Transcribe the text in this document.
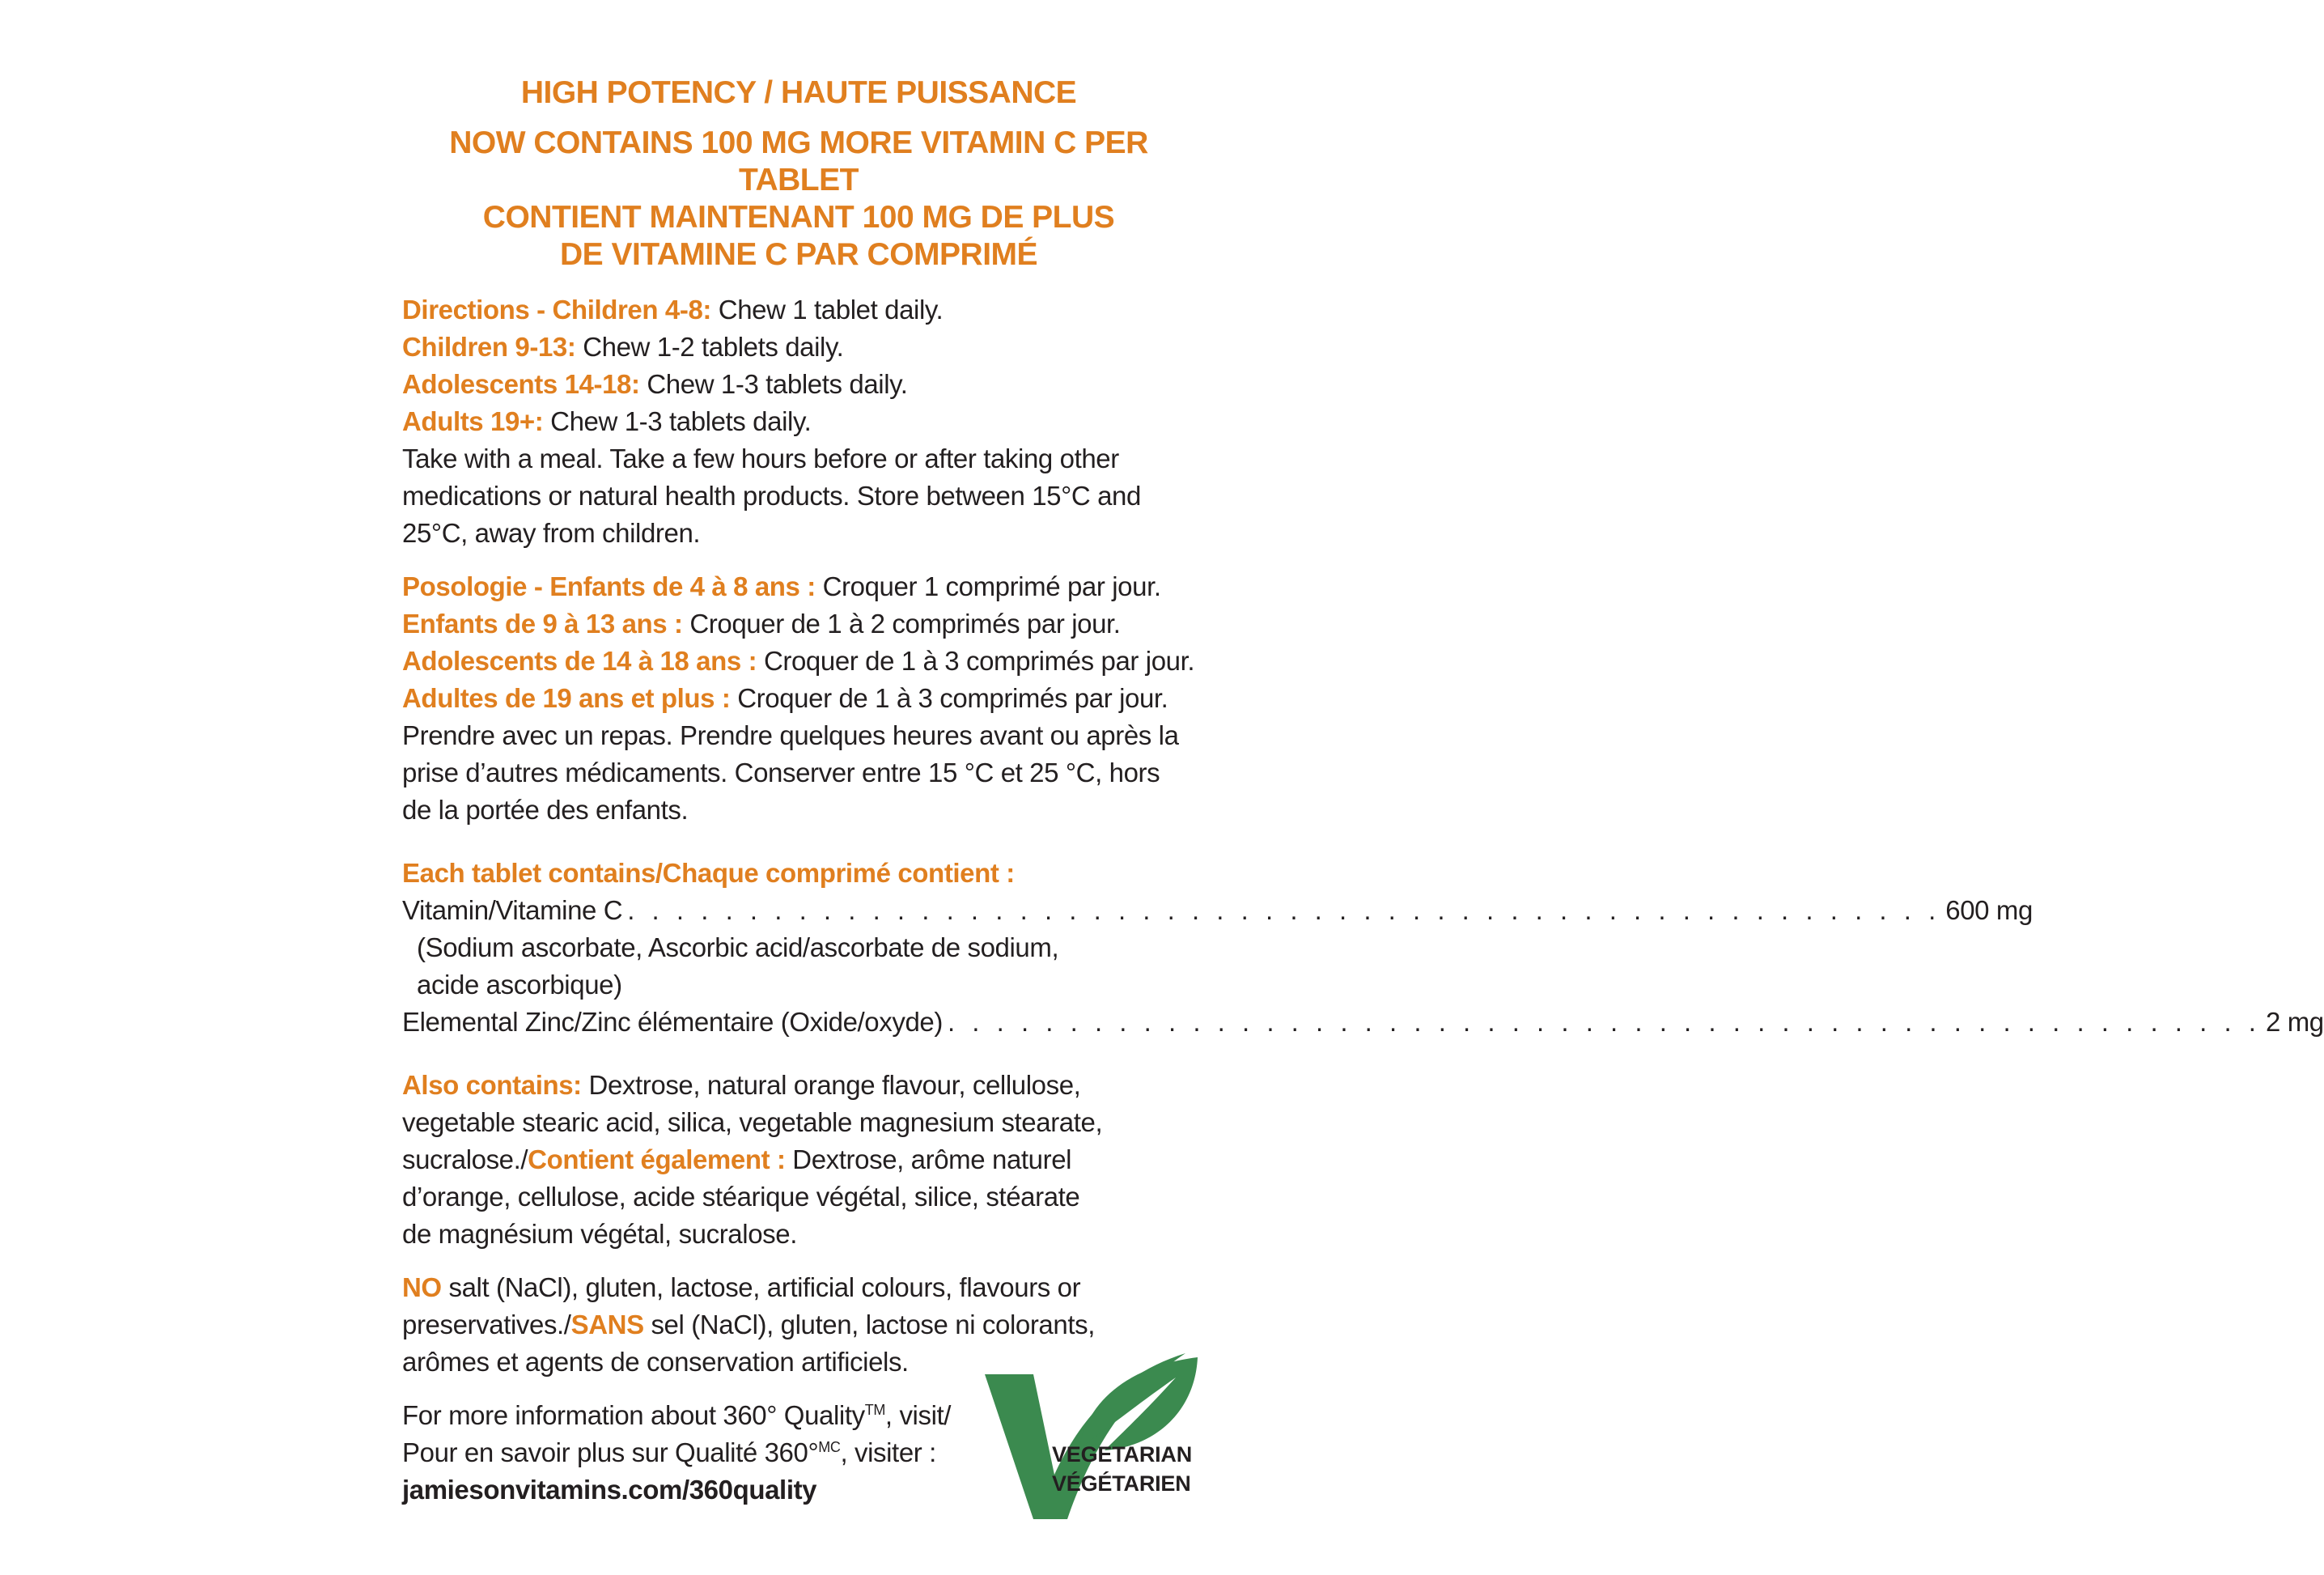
HIGH POTENCY / HAUTE PUISSANCE
NOW CONTAINS 100 MG MORE VITAMIN C PER TABLET
CONTIENT MAINTENANT 100 MG DE PLUS
DE VITAMINE C PAR COMPRIMÉ
Directions - Children 4-8: Chew 1 tablet daily.
Children 9-13: Chew 1-2 tablets daily.
Adolescents 14-18: Chew 1-3 tablets daily.
Adults 19+: Chew 1-3 tablets daily.
Take with a meal. Take a few hours before or after taking other
medications or natural health products. Store between 15°C and
25°C, away from children.
Posologie - Enfants de 4 à 8 ans : Croquer 1 comprimé par jour.
Enfants de 9 à 13 ans : Croquer de 1 à 2 comprimés par jour.
Adolescents de 14 à 18 ans : Croquer de 1 à 3 comprimés par jour.
Adultes de 19 ans et plus : Croquer de 1 à 3 comprimés par jour.
Prendre avec un repas. Prendre quelques heures avant ou après la
prise d’autres médicaments. Conserver entre 15 °C et 25 °C, hors
de la portée des enfants.
Each tablet contains/Chaque comprimé contient :
Vitamin/Vitamine C . . . . . . . . . . . . . . . . . . . . . . . . . . . . . . . . . . . . . . . . . . . . . . . . . . . . . . 600 mg
(Sodium ascorbate, Ascorbic acid/ascorbate de sodium,
acide ascorbique)
Elemental Zinc/Zinc élémentaire (Oxide/oxyde) . . . . . . . . . . . . . . . . . . . . . . . . . . . . . . . . . . . . . . . . . . . . . . . . . . . . . . 2 mg
Also contains: Dextrose, natural orange flavour, cellulose,
vegetable stearic acid, silica, vegetable magnesium stearate,
sucralose./Contient également : Dextrose, arôme naturel
d’orange, cellulose, acide stéarique végétal, silice, stéarate
de magnésium végétal, sucralose.
NO salt (NaCl), gluten, lactose, artificial colours, flavours or
preservatives./SANS sel (NaCl), gluten, lactose ni colorants,
arômes et agents de conservation artificiels.
For more information about 360° Quality™, visit/
Pour en savoir plus sur Qualité 360°$^{MC}$, visiter :
jamiesonvitamins.com/360quality
VEGETARIAN
VÉGÉTARIEN
